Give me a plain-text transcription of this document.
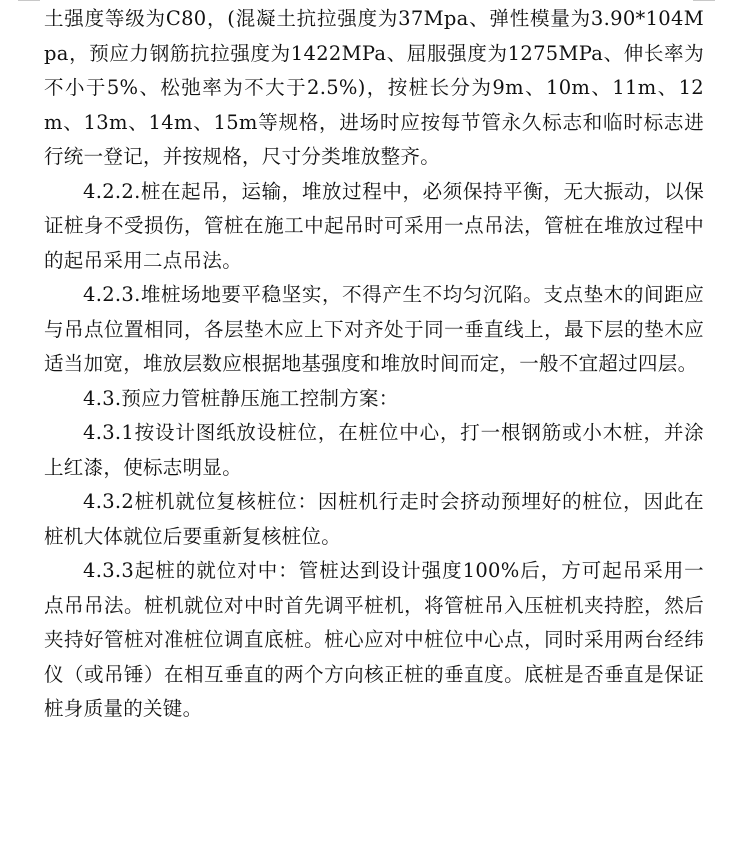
土强度等级为C80，(混凝土抗拉强度为37Mpa、弹性模量为3.90*104Mpa，预应力钢筋抗拉强度为1422MPa、屈服强度为1275MPa、伸长率为不小于5%、松弛率为不大于2.5%)，按桩长分为9m、10m、11m、12m、13m、14m、15m等规格，进场时应按每节管永久标志和临时标志进行统一登记，并按规格，尺寸分类堆放整齐。

4.2.2.桩在起吊，运输，堆放过程中，必须保持平衡，无大振动，以保证桩身不受损伤，管桩在施工中起吊时可采用一点吊法，管桩在堆放过程中的起吊采用二点吊法。

4.2.3.堆桩场地要平稳坚实，不得产生不均匀沉陷。支点垫木的间距应与吊点位置相同，各层垫木应上下对齐处于同一垂直线上，最下层的垫木应适当加宽，堆放层数应根据地基强度和堆放时间而定，一般不宜超过四层。

4.3.预应力管桩静压施工控制方案：

4.3.1按设计图纸放设桩位，在桩位中心，打一根钢筋或小木桩，并涂上红漆，使标志明显。

4.3.2桩机就位复核桩位：因桩机行走时会挤动预埋好的桩位，因此在桩机大体就位后要重新复核桩位。

4.3.3起桩的就位对中：管桩达到设计强度100%后，方可起吊采用一点吊吊法。桩机就位对中时首先调平桩机，将管桩吊入压桩机夹持腔，然后夹持好管桩对准桩位调直底桩。桩心应对中桩位中心点，同时采用两台经纬仪（或吊锤）在相互垂直的两个方向核正桩的垂直度。底桩是否垂直是保证桩身质量的关键。
